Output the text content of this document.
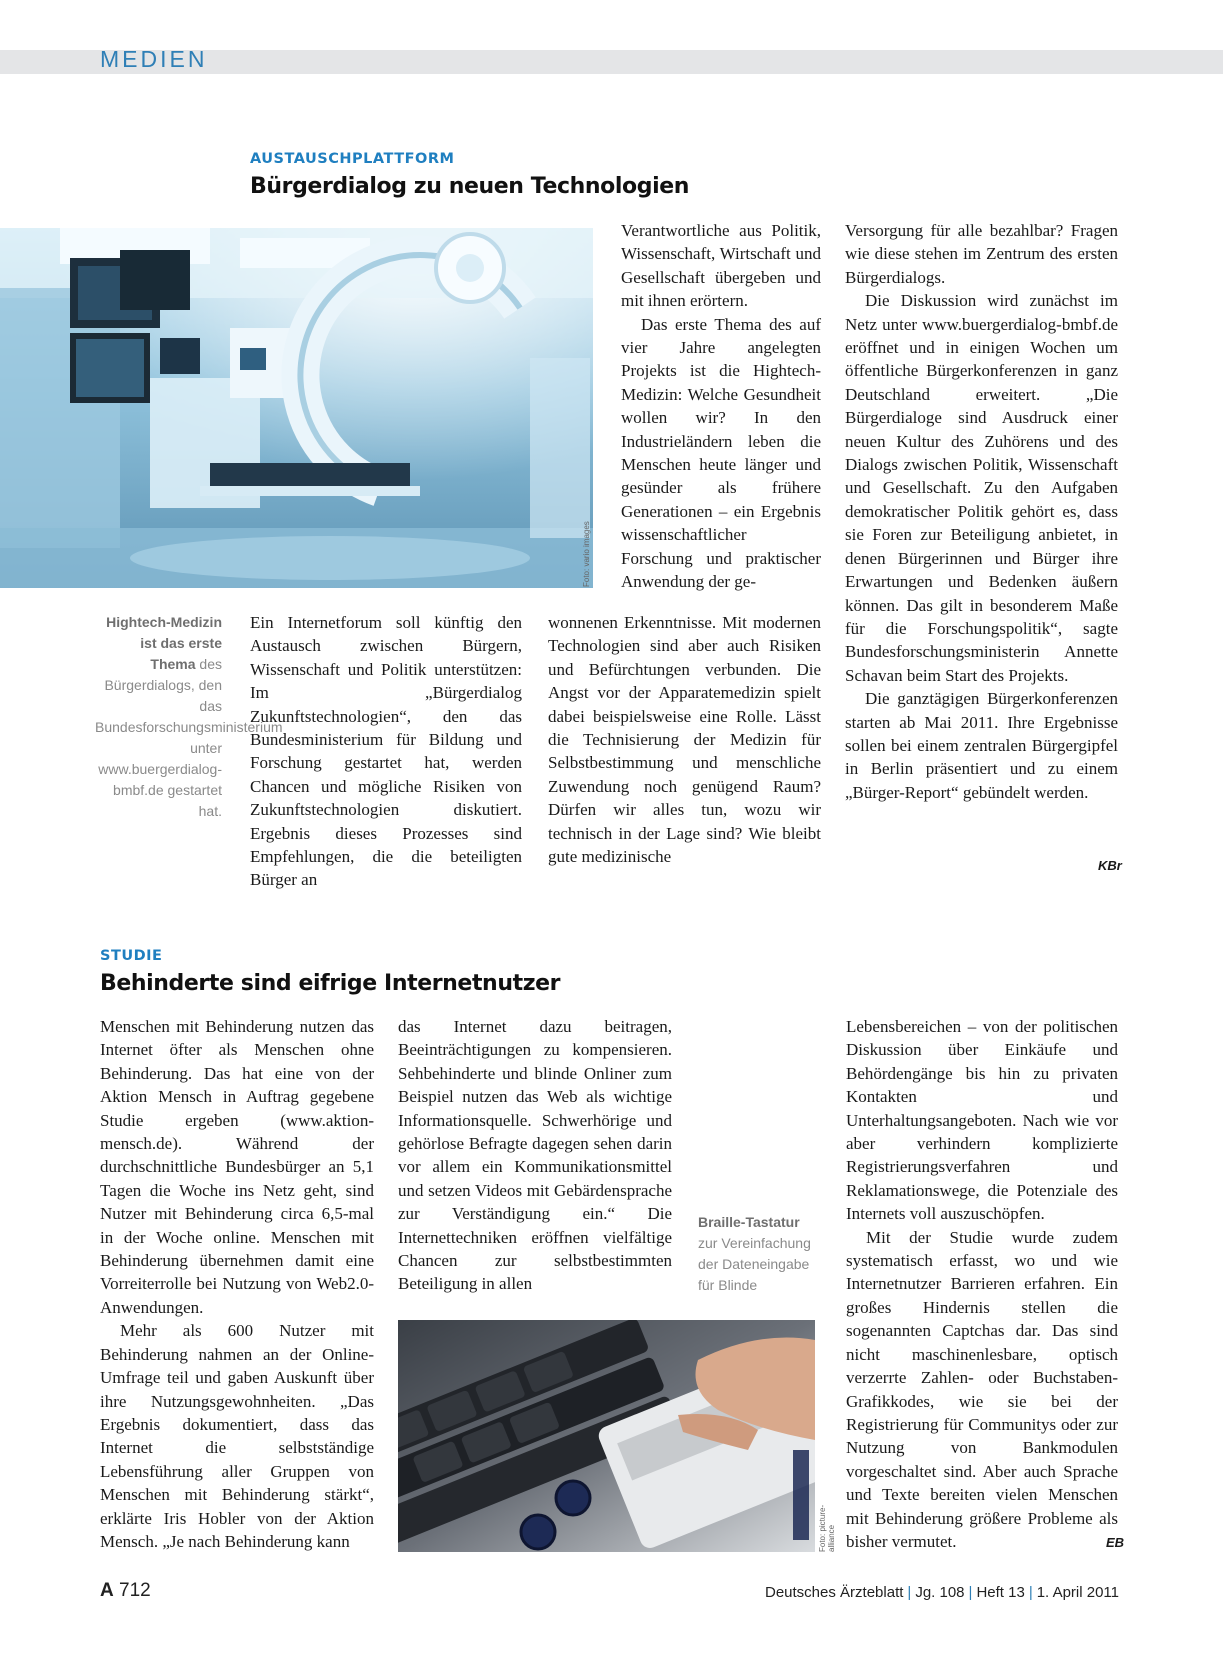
MEDIEN
AUSTAUSCHPLATTFORM
Bürgerdialog zu neuen Technologien
Foto: vario images
Hightech-Medizin ist das erste Thema des Bürgerdialogs, den das Bundesforschungsministerium unter www.buergerdialog-bmbf.de gestartet hat.

Ein Internetforum soll künftig den Austausch zwischen Bürgern, Wissenschaft und Politik unterstützen: Im „Bürgerdialog Zukunftstechnologien“, den das Bundesministerium für Bildung und Forschung gestartet hat, werden Chancen und mögliche Risiken von Zukunftstechnologien diskutiert. Ergebnis dieses Prozesses sind Empfehlungen, die die beteiligten Bürger an

Verantwortliche aus Politik, Wissenschaft, Wirtschaft und Gesellschaft übergeben und mit ihnen erörtern.

Das erste Thema des auf vier Jahre angelegten Projekts ist die Hightech-Medizin: Welche Gesundheit wollen wir? In den Industrieländern leben die Menschen heute länger und gesünder als frühere Generationen – ein Ergebnis wissenschaftlicher Forschung und praktischer Anwendung der ge-

wonnenen Erkenntnisse. Mit modernen Technologien sind aber auch Risiken und Befürchtungen verbunden. Die Angst vor der Apparatemedizin spielt dabei beispielsweise eine Rolle. Lässt die Technisierung der Medizin für Selbstbestimmung und menschliche Zuwendung noch genügend Raum? Dürfen wir alles tun, wozu wir technisch in der Lage sind? Wie bleibt gute medizinische

Versorgung für alle bezahlbar? Fragen wie diese stehen im Zentrum des ersten Bürgerdialogs.

Die Diskussion wird zunächst im Netz unter www.buergerdialog-bmbf.de eröffnet und in einigen Wochen um öffentliche Bürgerkonferenzen in ganz Deutschland erweitert. „Die Bürgerdialoge sind Ausdruck einer neuen Kultur des Zuhörens und des Dialogs zwischen Politik, Wissenschaft und Gesellschaft. Zu den Aufgaben demokratischer Politik gehört es, dass sie Foren zur Beteiligung anbietet, in denen Bürgerinnen und Bürger ihre Erwartungen und Bedenken äußern können. Das gilt in besonderem Maße für die Forschungspolitik“, sagte Bundesforschungsministerin Annette Schavan beim Start des Projekts.

Die ganztägigen Bürgerkonferenzen starten ab Mai 2011. Ihre Ergebnisse sollen bei einem zentralen Bürgergipfel in Berlin präsentiert und zu einem „Bürger-Report“ gebündelt werden.

KBr
STUDIE
Behinderte sind eifrige Internetnutzer

Menschen mit Behinderung nutzen das Internet öfter als Menschen ohne Behinderung. Das hat eine von der Aktion Mensch in Auftrag gegebene Studie ergeben (www.aktion-mensch.de). Während der durchschnittliche Bundesbürger an 5,1 Tagen die Woche ins Netz geht, sind Nutzer mit Behinderung circa 6,5-mal in der Woche online. Menschen mit Behinderung übernehmen damit eine Vorreiterrolle bei Nutzung von Web2.0-Anwendungen.

Mehr als 600 Nutzer mit Behinderung nahmen an der Online-Umfrage teil und gaben Auskunft über ihre Nutzungsgewohnheiten. „Das Ergebnis dokumentiert, dass das Internet die selbstständige Lebensführung aller Gruppen von Menschen mit Behinderung stärkt“, erklärte Iris Hobler von der Aktion Mensch. „Je nach Behinderung kann

das Internet dazu beitragen, Beeinträchtigungen zu kompensieren. Sehbehinderte und blinde Onliner zum Beispiel nutzen das Web als wichtige Informationsquelle. Schwerhörige und gehörlose Befragte dagegen sehen darin vor allem ein Kommunikationsmittel und setzen Videos mit Gebärdensprache zur Verständigung ein.“ Die Internettechniken eröffnen vielfältige Chancen zur selbstbestimmten Beteiligung in allen

Braille-Tastatur
zur Vereinfachung der Dateneingabe für Blinde
Foto: picture-alliance

Lebensbereichen – von der politischen Diskussion über Einkäufe und Behördengänge bis hin zu privaten Kontakten und Unterhaltungsangeboten. Nach wie vor aber verhindern komplizierte Registrierungsverfahren und Reklamationswege, die Potenziale des Internets voll auszuschöpfen.

Mit der Studie wurde zudem systematisch erfasst, wo und wie Internetnutzer Barrieren erfahren. Ein großes Hindernis stellen die sogenannten Captchas dar. Das sind nicht maschinenlesbare, optisch verzerrte Zahlen- oder Buchstaben-Grafikkodes, wie sie bei der Registrierung für Communitys oder zur Nutzung von Bankmodulen vorgeschaltet sind. Aber auch Sprache und Texte bereiten vielen Menschen mit Behinderung größere Probleme als bisher vermutet.	EB
A 712	Deutsches Ärzteblatt | Jg. 108 | Heft 13 | 1. April 2011
